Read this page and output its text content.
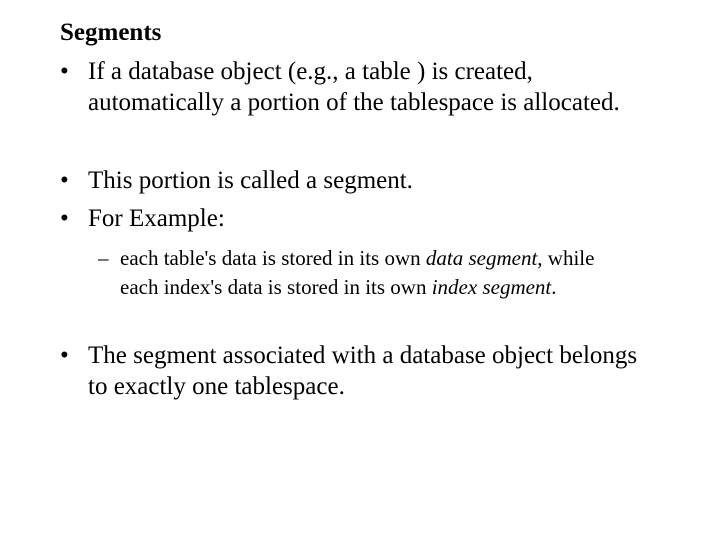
Segments
• If a database object (e.g., a table ) is created, automatically a portion of the tablespace is allocated.
• This portion is called a segment.
• For Example:
– each table's data is stored in its own data segment, while each index's data is stored in its own index segment.
• The segment associated with a database object belongs to exactly one tablespace.
